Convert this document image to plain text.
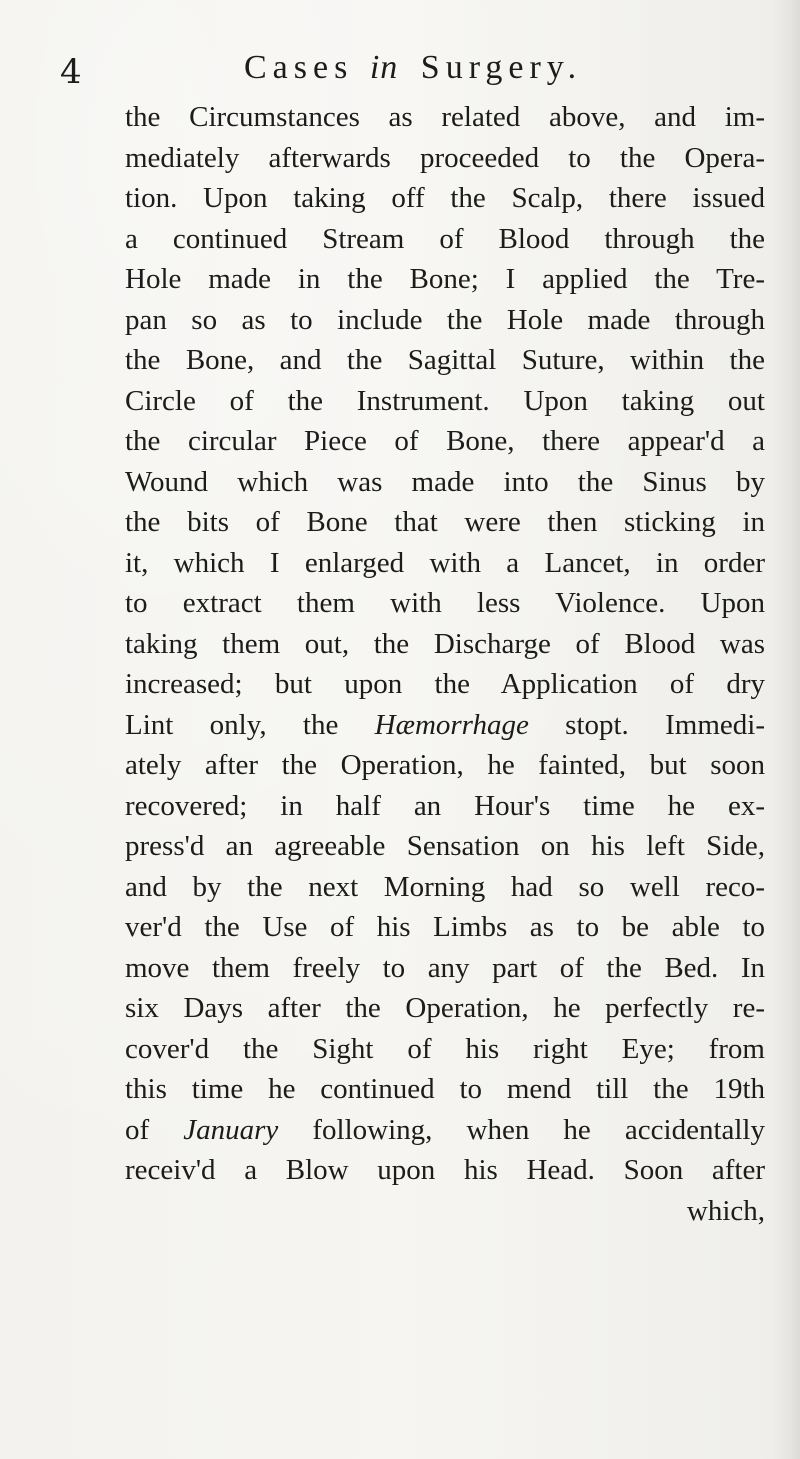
4	Cases in Surgery.
the Circumstances as related above, and im-
mediately afterwards proceeded to the Opera-
tion. Upon taking off the Scalp, there issued
a continued Stream of Blood through the
Hole made in the Bone; I applied the Tre-
pan so as to include the Hole made through
the Bone, and the Sagittal Suture, within the
Circle of the Instrument. Upon taking out
the circular Piece of Bone, there appear'd a
Wound which was made into the Sinus by
the bits of Bone that were then sticking in
it, which I enlarged with a Lancet, in order
to extract them with less Violence. Upon
taking them out, the Discharge of Blood was
increased; but upon the Application of dry
Lint only, the Hæmorrhage stopt. Immedi-
ately after the Operation, he fainted, but soon
recovered; in half an Hour's time he ex-
press'd an agreeable Sensation on his left Side,
and by the next Morning had so well reco-
ver'd the Use of his Limbs as to be able to
move them freely to any part of the Bed. In
six Days after the Operation, he perfectly re-
cover'd the Sight of his right Eye; from
this time he continued to mend till the 19th
of January following, when he accidentally
receiv'd a Blow upon his Head. Soon after
which,
